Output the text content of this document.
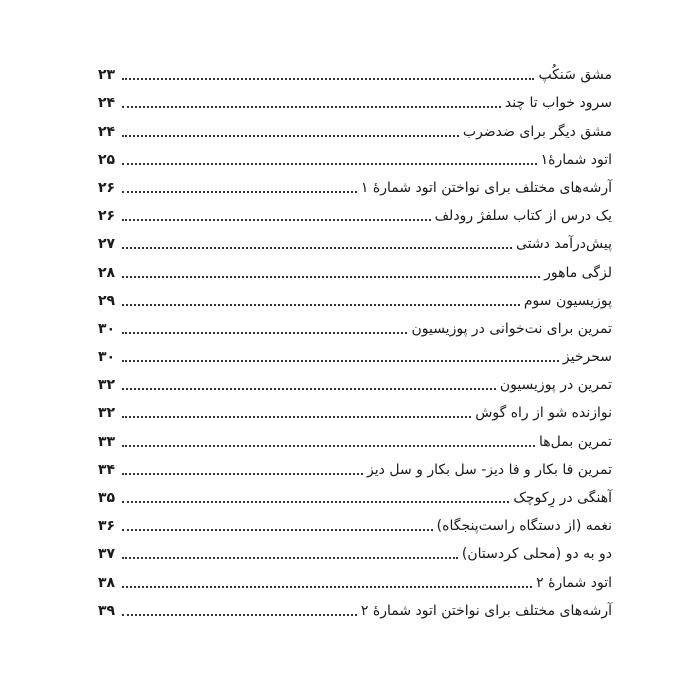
مشق سَنکُپ
۲۳
سرود خواب تا چند
۲۴
مشق دیگر برای ضدضرب
۲۴
اتود شمارهٔ۱
۲۵
آرشه‌های مختلف برای نواختن اتود شمارهٔ ۱
۲۶
یک درس از کتاب سلفژ رودلف
۲۶
پیش‌درآمد دشتی
۲۷
لزگی ماهور
۲۸
پوزیسیون سوم
۲۹
تمرین برای نت‌خوانی در پوزیسیون
۳۰
سحرخیز
۳۰
تمرین در پوزیسیون
۳۲
نوازنده شو از راه گوش
۳۲
تمرین بمل‌ها
۳۳
تمرین فا بکار و فا دیز- سل بکار و سل دیز
۳۴
آهنگی در رِکوچک
۳۵
نغمه (از دستگاه راست‌پنجگاه)
۳۶
دو به دو (محلی کردستان)
۳۷
اتود شمارهٔ ۲
۳۸
آرشه‌های مختلف برای نواختن اتود شمارهٔ ۲
۳۹
